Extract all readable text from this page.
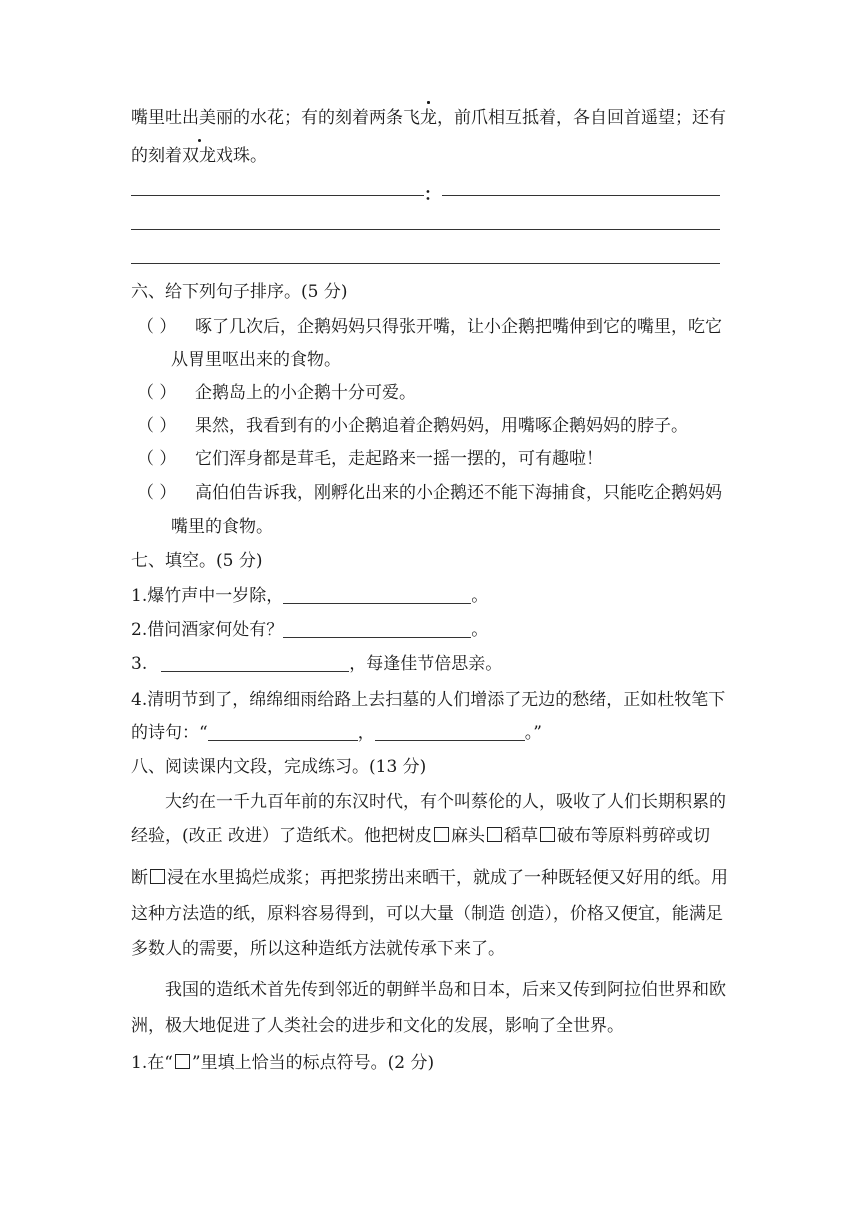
嘴里吐出美丽的水花；有的刻着两条飞龙，前爪相互抵着，各自回首遥望；还有
的刻着双龙戏珠。
：
六、给下列句子排序。(5 分)
（ ） 啄了几次后，企鹅妈妈只得张开嘴，让小企鹅把嘴伸到它的嘴里，吃它
从胃里呕出来的食物。
（ ） 企鹅岛上的小企鹅十分可爱。
（ ） 果然，我看到有的小企鹅追着企鹅妈妈，用嘴啄企鹅妈妈的脖子。
（ ） 它们浑身都是茸毛，走起路来一摇一摆的，可有趣啦！
（ ） 高伯伯告诉我，刚孵化出来的小企鹅还不能下海捕食，只能吃企鹅妈妈
嘴里的食物。
七、填空。(5 分)
1.爆竹声中一岁除，	。
2.借问酒家何处有？	。
3.	，每逢佳节倍思亲。
4.清明节到了，绵绵细雨给路上去扫墓的人们增添了无边的愁绪，正如杜牧笔下
的诗句：“	，	。”
八、阅读课内文段，完成练习。(13 分)
大约在一千九百年前的东汉时代，有个叫蔡伦的人，吸收了人们长期积累的
经验，(改正 改进）了造纸术。他把树皮 麻头 稻草 破布等原料剪碎或切
断 浸在水里捣烂成浆；再把浆捞出来晒干，就成了一种既轻便又好用的纸。用
这种方法造的纸，原料容易得到，可以大量（制造 创造），价格又便宜，能满足
多数人的需要，所以这种造纸方法就传承下来了。
我国的造纸术首先传到邻近的朝鲜半岛和日本，后来又传到阿拉伯世界和欧
洲，极大地促进了人类社会的进步和文化的发展，影响了全世界。
1.在“ ”里填上恰当的标点符号。(2 分)
